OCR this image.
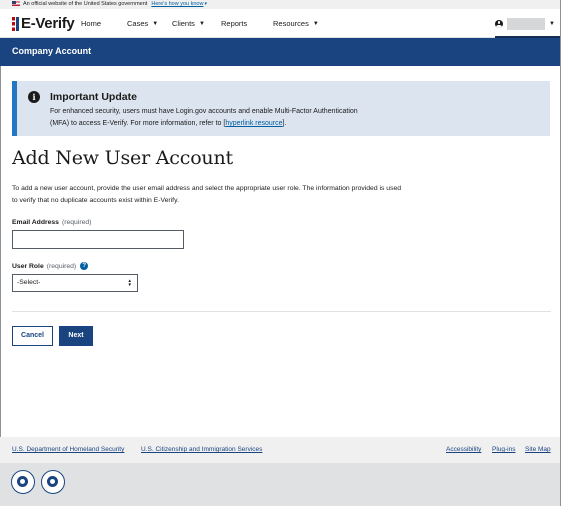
An official website of the United States government Here's how you know▾
E-Verify Home	Cases ▼ Clients ▼ Reports	Resources ▼	▼
Company Account
i	Important Update
For enhanced security, users must have Login.gov accounts and enable Multi-Factor Authentication
(MFA) to access E-Verify. For more information, refer to [hyperlink resource].
Add New User Account
To add a new user account, provide the user email address and select the appropriate user role. The information provided is used
to verify that no duplicate accounts exist within E-Verify.
Email Address (required)
User Role (required)	?
-Select-	▲
▼
Cancel	Next
U.S. Department of Homeland Security	U.S. Citizenship and Immigration Services	Accessibility Plug-ins Site Map
